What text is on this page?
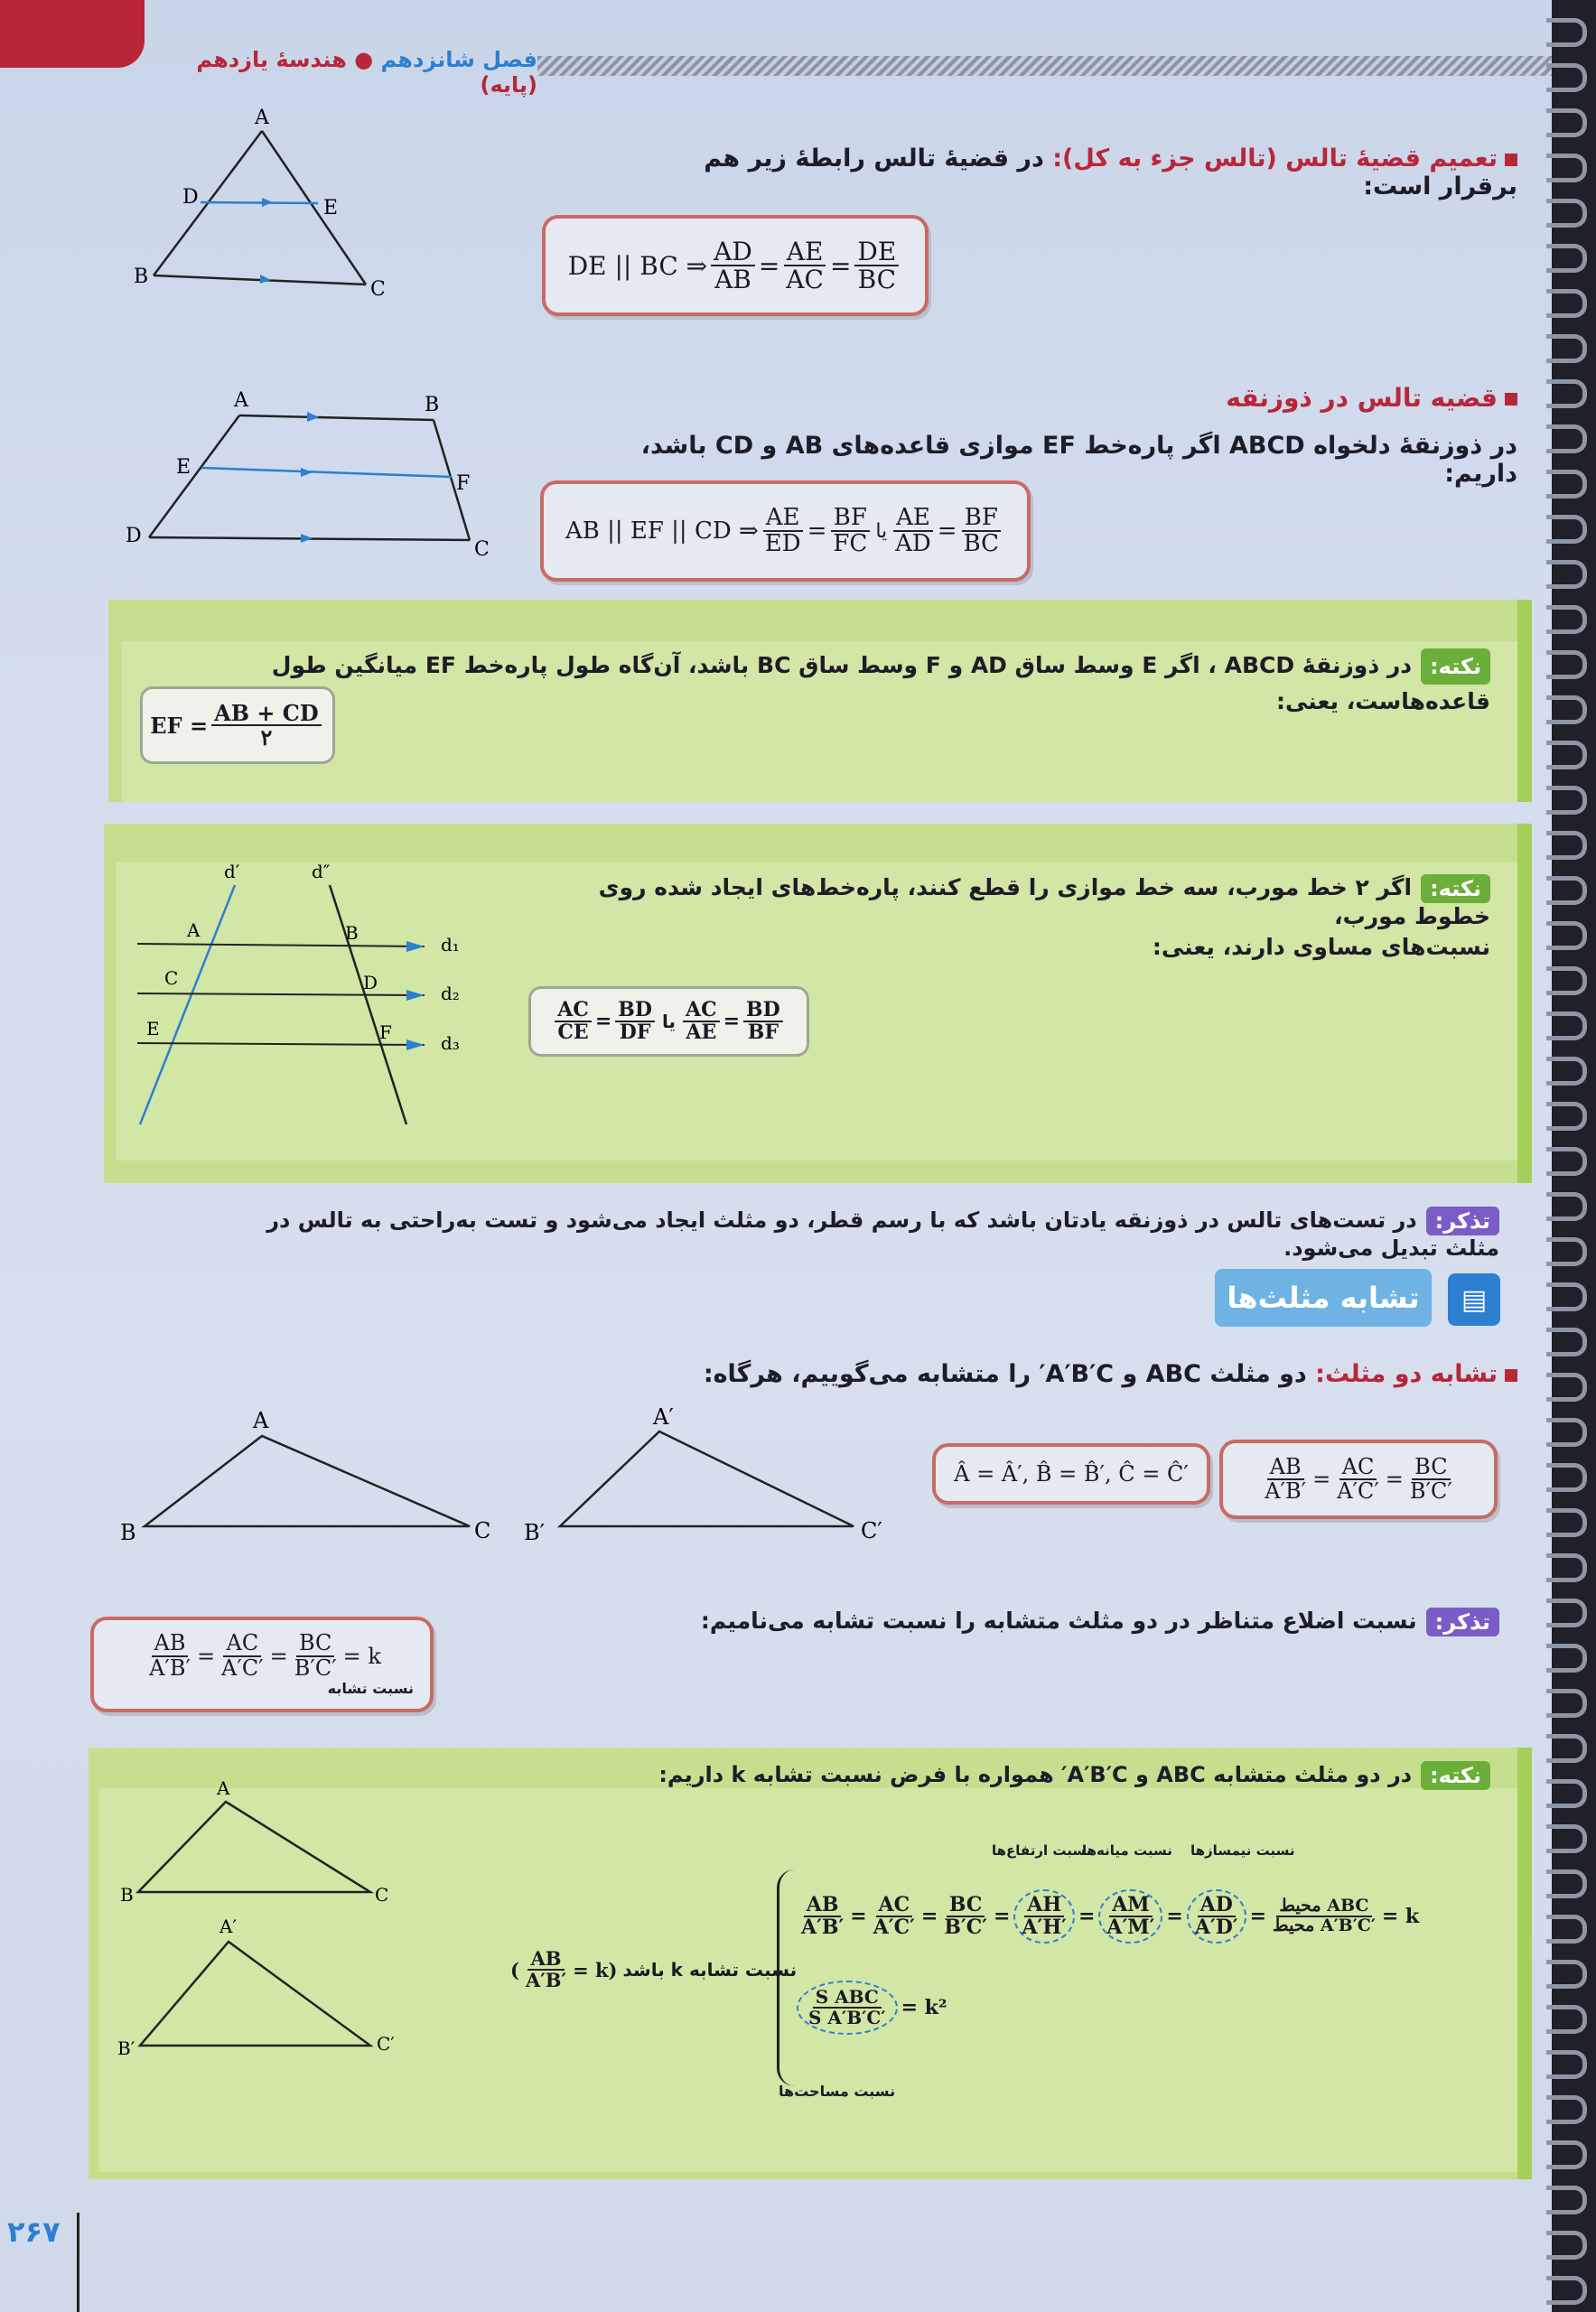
فصل شانزدهم ● هندسهٔ یازدهم (پایه)
تعمیم قضیهٔ تالس (تالس جزء به کل): در قضیهٔ تالس رابطهٔ زیر هم برقرار است:
A
D	E
B
C
DE || BC ⇒ $\frac{AD}{AB} = \frac{AE}{AC} = \frac{DE}{BC}$
قضیه تالس در ذوزنقه
در ذوزنقهٔ دلخواه ABCD اگر پاره‌خط EF موازی قاعده‌های AB و CD باشد، داریم:
A	B
E
F
D
C
AB || EF || CD ⇒ $\frac{AE}{ED} = \frac{BF}{FC}$ یا $\frac{AE}{AD} = \frac{BF}{BC}$
نکته:در ذوزنقهٔ ABCD ، اگر E وسط ساق AD و F وسط ساق BC باشد، آن‌گاه طول پاره‌خط EF میانگین طول قاعده‌هاست، یعنی:
EF = $\frac{AB + CD}{۲}$
نکته:اگر ۲ خط مورب، سه خط موازی را قطع کنند، پاره‌خط‌های ایجاد شده روی خطوط مورب،
نسبت‌های مساوی دارند، یعنی:
d′	d″
A	B
C	D
E	F
d₁
d₂
d₃	$\frac{AC}{CE} = \frac{BD}{DF}$ یا $\frac{AC}{AE} = \frac{BD}{BF}$
تذکر:در تست‌های تالس در ذوزنقه یادتان باشد که با رسم قطر، دو مثلث ایجاد می‌شود و تست به‌راحتی به تالس در مثلث تبدیل می‌شود.
تشابه مثلث‌ها	▤
تشابه دو مثلث: دو مثلث ABC و A′B′C′ را متشابه می‌گوییم، هرگاه:
A
B	C
A′
B′	C′
Â = Â′, B̂ = B̂′, Ĉ = Ĉ′	$\frac{AB}{A'B'} = \frac{AC}{A'C'} = \frac{BC}{B'C'}$
تذکر:نسبت اضلاع متناظر در دو مثلث متشابه را نسبت تشابه می‌نامیم:
$\frac{AB}{A'B'} = \frac{AC}{A'C'} = \frac{BC}{B'C'} = k$
نسبت تشابه
نکته:در دو مثلث متشابه ABC و A′B′C′ همواره با فرض نسبت تشابه k داریم:
A
B	C
A′
B′	C′
نسبت نیمسازها
نسبت میانه‌ها
نسبت ارتفاع‌ها
$\frac{AB}{A'B'} = \frac{AC}{A'C'} = \frac{BC}{B'C'} = \frac{AH}{A'H'} = \frac{AM}{A'M'} = \frac{AD}{A'D'} = \frac{\text{محیط ABC}}{\text{محیط A′B′C′}} = k$
$\frac{\text{S ABC}}{\text{S A′B′C′}} = k^2$
نسبت مساحت‌ها
( $\frac{AB}{A'B'} = k$) نسبت تشابه k باشد
۲۶۷
